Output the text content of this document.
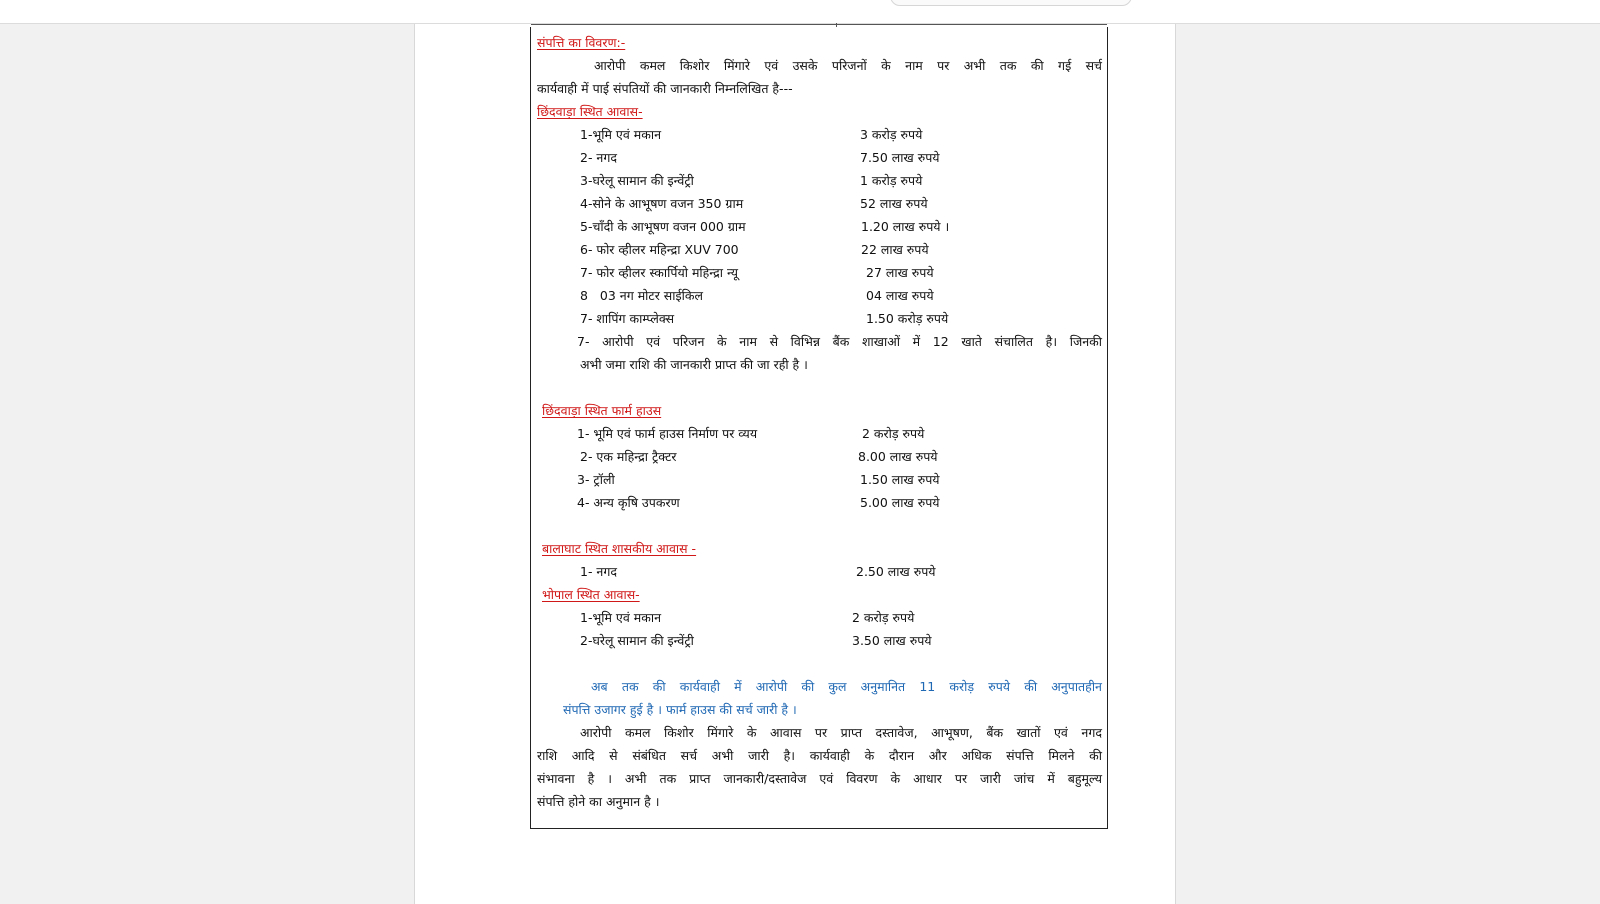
संपत्ति का विवरण:-
आरोपी कमल किशोर मिंगारे एवं उसके परिजनों के नाम पर अभी तक की गई सर्च
कार्यवाही में पाई संपतियों की जानकारी निम्नलिखित है---
छिंदवाड़ा स्थित आवास-
1-भूमि एवं मकान	3 करोड़ रुपये
2- नगद	7.50 लाख रुपये
3-घरेलू सामान की इन्वेंट्री	1 करोड़ रुपये
4-सोने के आभूषण वजन 350 ग्राम	52 लाख रुपये
5-चाँदी के आभूषण वजन 000 ग्राम	1.20 लाख रुपये ।
6- फोर व्हीलर महिन्द्रा XUV 700	22 लाख रुपये
7- फोर व्हीलर स्कार्पियो महिन्द्रा न्यू	27 लाख रुपये
8   03 नग मोटर साईकिल	04 लाख रुपये
7- शापिंग काम्प्लेक्स	1.50 करोड़ रुपये
7- आरोपी एवं परिजन के नाम से विभिन्न बैंक शाखाओं में 12 खाते संचालित है। जिनकी
अभी जमा राशि की जानकारी प्राप्त की जा रही है ।
छिंदवाड़ा स्थित फार्म हाउस
1- भूमि एवं फार्म हाउस निर्माण पर व्यय	2 करोड़ रुपये
2- एक महिन्द्रा ट्रैक्टर	8.00 लाख रुपये
3- ट्रॉली	1.50 लाख रुपये
4- अन्य कृषि उपकरण	5.00 लाख रुपये
बालाघाट स्थित शासकीय आवास -
1- नगद	2.50 लाख रुपये
भोपाल स्थित आवास-
1-भूमि एवं मकान	2 करोड़ रुपये
2-घरेलू सामान की इन्वेंट्री	3.50 लाख रुपये
अब तक की कार्यवाही में आरोपी की कुल अनुमानित 11 करोड़ रुपये की अनुपातहीन
संपत्ति उजागर हुई है । फार्म हाउस की सर्च जारी है ।
आरोपी कमल किशोर मिंगारे के आवास पर प्राप्त दस्तावेज, आभूषण, बैंक खातों एवं नगद
राशि आदि से संबंधित सर्च अभी जारी है। कार्यवाही के दौरान और अधिक संपत्ति मिलने की
संभावना है । अभी तक प्राप्त जानकारी/दस्तावेज एवं विवरण के आधार पर जारी जांच में बहुमूल्य
संपत्ति होने का अनुमान है ।
